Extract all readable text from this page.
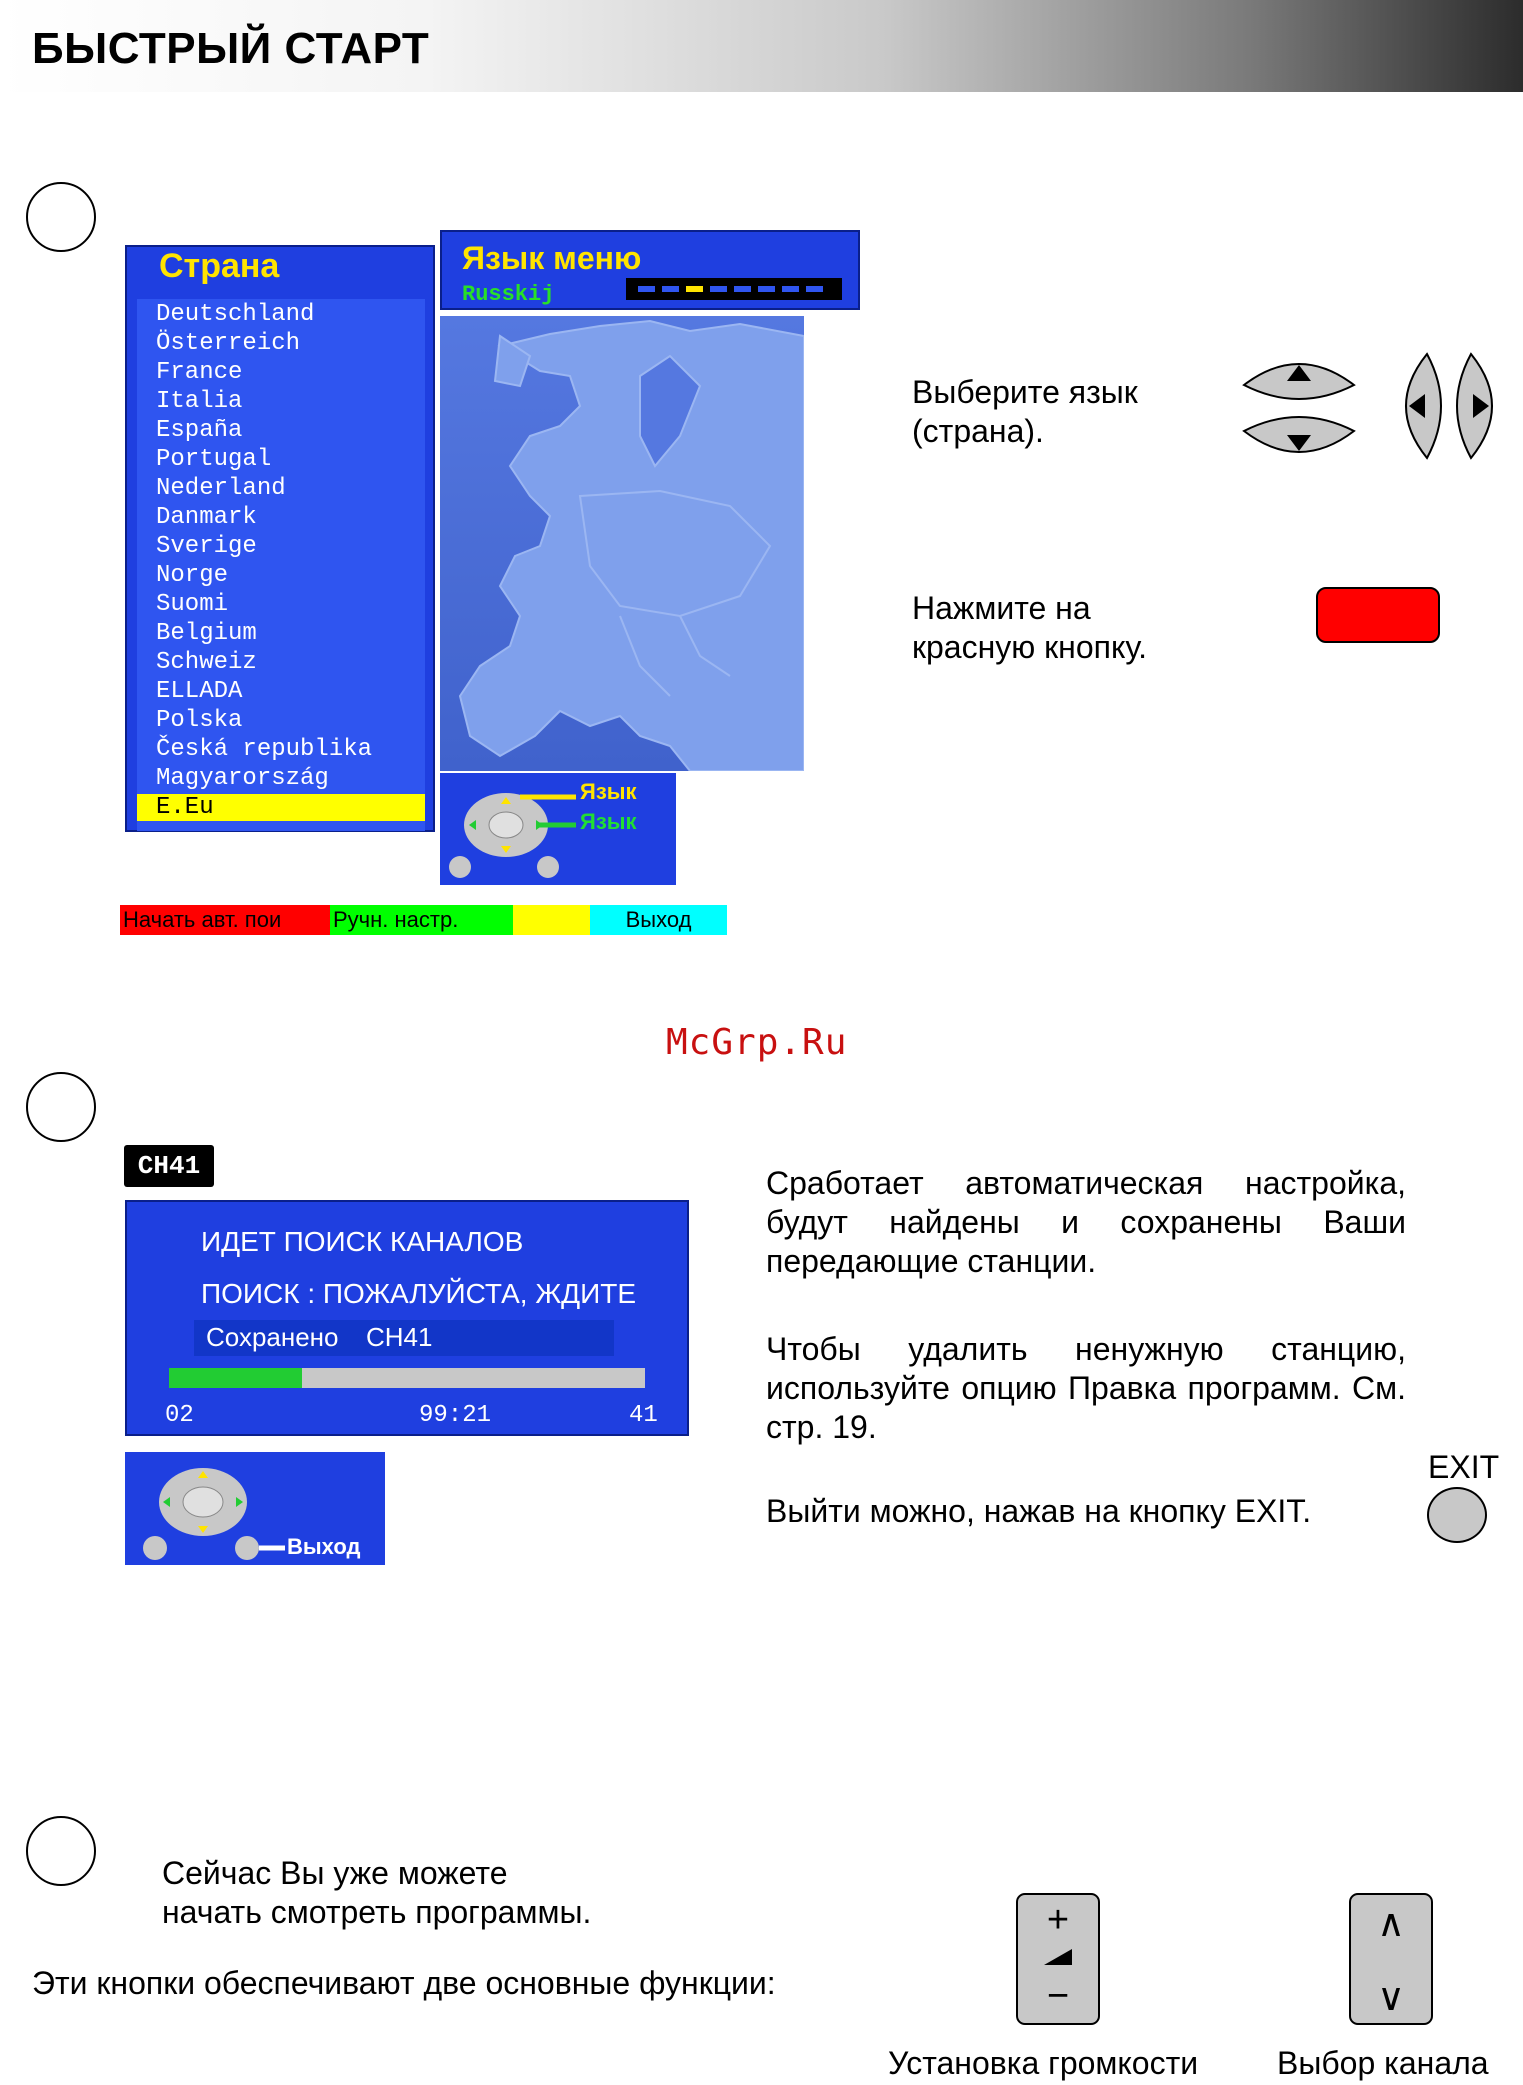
БЫСТРЫЙ СТАРТ
Страна
Deutschland
Österreich
France
Italia
España
Portugal
Nederland
Danmark
Sverige
Norge
Suomi
Belgium
Schweiz
ELLADA
Polska
Česká republika
Magyarország
E.Eu
Язык меню
Russkij
Язык
Язык
Начать авт. пои	Ручн. настр.	Выход
Выберите язык
(страна).
Нажмите на
красную кнопку.
McGrp.Ru
CH41
ИДЕТ ПОИСК КАНАЛОВ
ПОИСК : ПОЖАЛУЙСТА, ЖДИТЕ
Сохранено CH41
02	99:21	41
Выход
Сработает автоматическая настройка, будут найдены и сохранены Ваши передающие станции.
Чтобы удалить ненужную станцию, используйте опцию Правка программ. См. стр. 19.
Выйти можно, нажав на кнопку EXIT.
EXIT
Сейчас Вы уже можете
начать смотреть программы.
Эти кнопки обеспечивают две основные функции:
+
−
∧
∨
Установка громкости Выбор канала
